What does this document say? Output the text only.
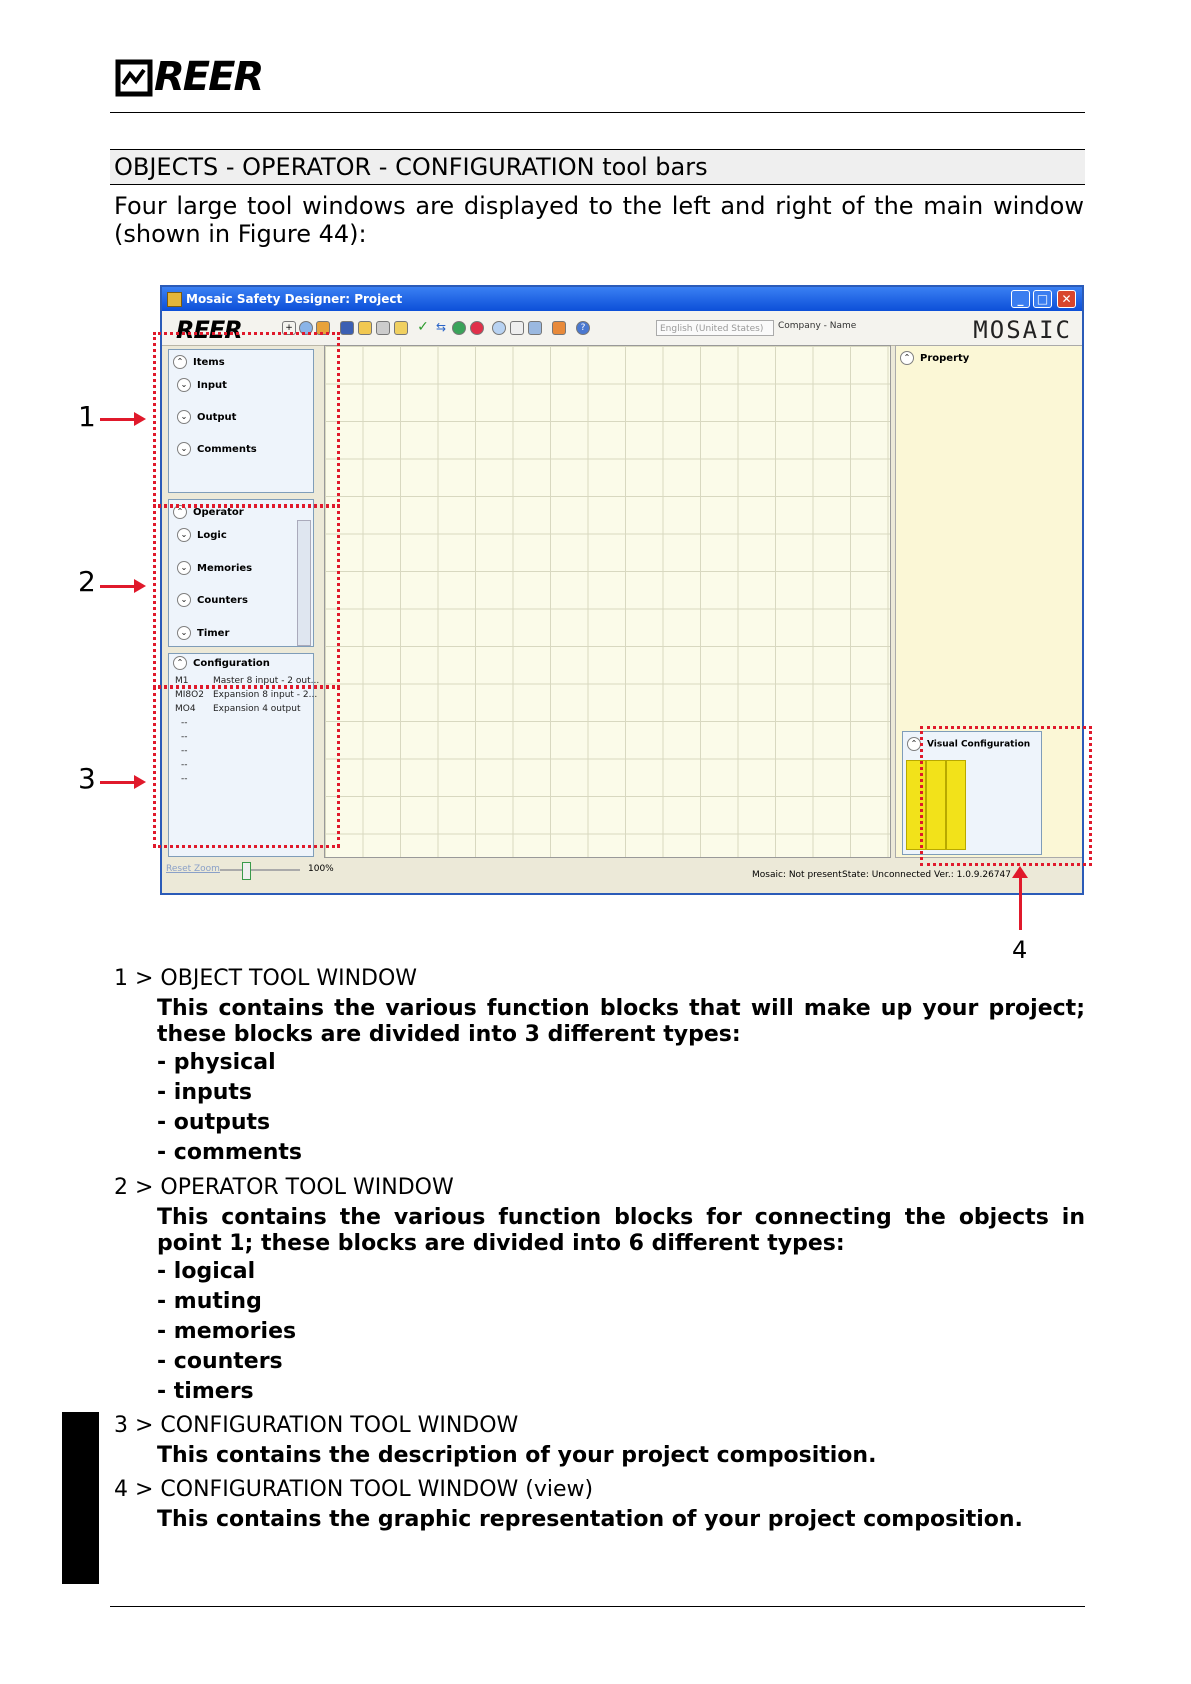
REER
OBJECTS - OPERATOR - CONFIGURATION tool bars
Four large tool windows are displayed to the left and right of the main window (shown in Figure 44):
Mosaic Safety Designer: Project	_	□	✕
REER	+	✓ ⇆	?	English (United States)	Company - Name	MOSAIC
⌃ Items
⌄ Input
⌄ Output
⌄ Comments
⌃ Operator
⌄ Logic
⌄ Memories
⌄ Counters
⌄ Timer
⌃ Configuration
M1	Master 8 input - 2 out...
MI8O2 Expansion 8 input - 2...
MO4 Expansion 4 output
--
--
--
--
--
⌃ Property
⌃ Visual Configuration
Reset Zoom	100%
Mosaic: Not present State: Unconnected Ver.: 1.0.9.26747
1
2
3
4
1 > OBJECT TOOL WINDOW
This contains the various function blocks that will make up your project; these blocks are divided into 3 different types:
- physical
- inputs
- outputs
- comments
2 > OPERATOR TOOL WINDOW
This contains the various function blocks for connecting the objects in point 1; these blocks are divided into 6 different types:
- logical
- muting
- memories
- counters
- timers
3 > CONFIGURATION TOOL WINDOW
This contains the description of your project composition.
4 > CONFIGURATION TOOL WINDOW (view)
This contains the graphic representation of your project composition.
